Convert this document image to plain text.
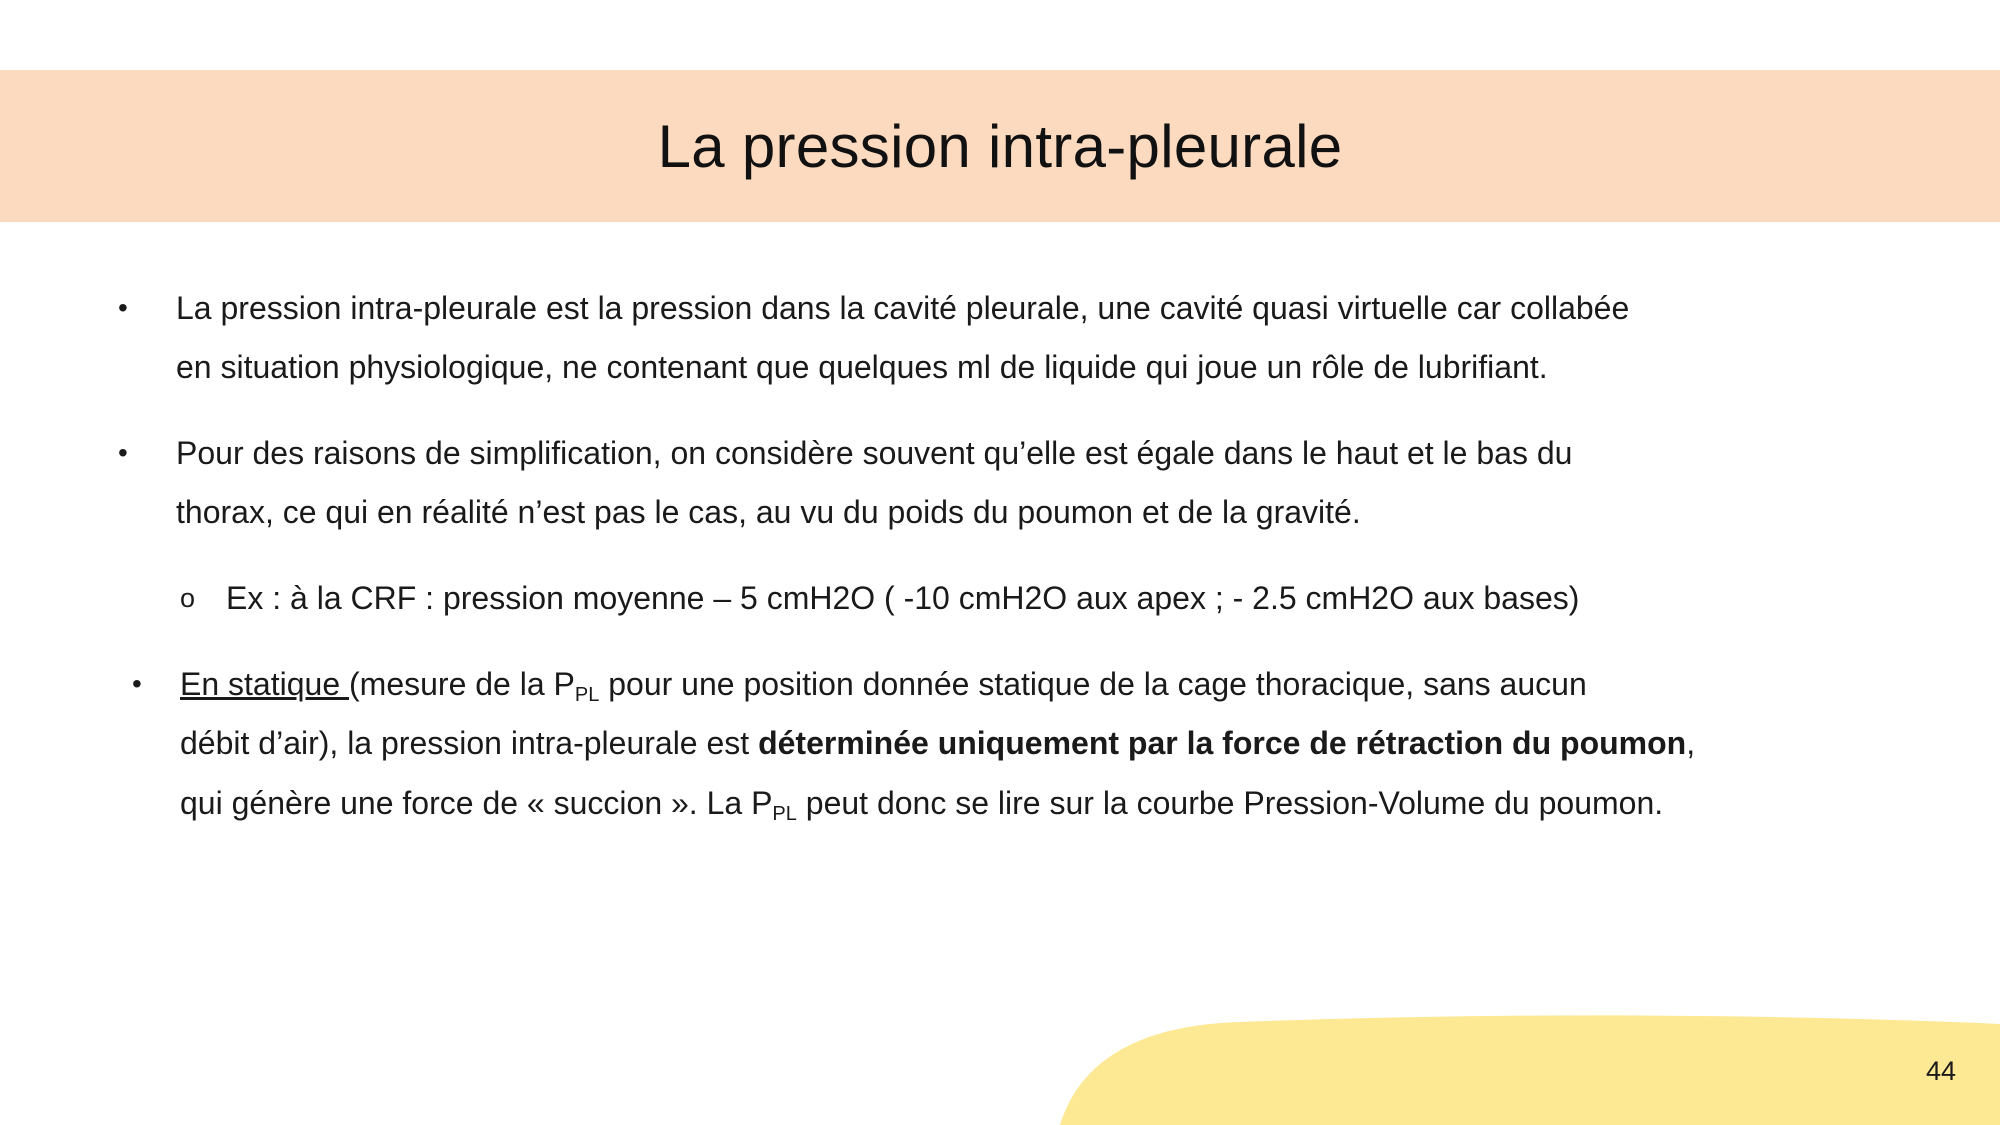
La pression intra-pleurale
• La pression intra-pleurale est la pression dans la cavité pleurale, une cavité quasi virtuelle car collabée
en situation physiologique, ne contenant que quelques ml de liquide qui joue un rôle de lubrifiant.
• Pour des raisons de simplification, on considère souvent qu’elle est égale dans le haut et le bas du
thorax, ce qui en réalité n’est pas le cas, au vu du poids du poumon et de la gravité.
o Ex : à la CRF : pression moyenne – 5 cmH2O ( -10 cmH2O aux apex ; - 2.5 cmH2O aux bases)
• En statique (mesure de la $P_{PL}$ pour une position donnée statique de la cage thoracique, sans aucun
débit d’air), la pression intra-pleurale est déterminée uniquement par la force de rétraction du poumon,
qui génère une force de « succion ». La $P_{PL}$ peut donc se lire sur la courbe Pression-Volume du poumon.
44
